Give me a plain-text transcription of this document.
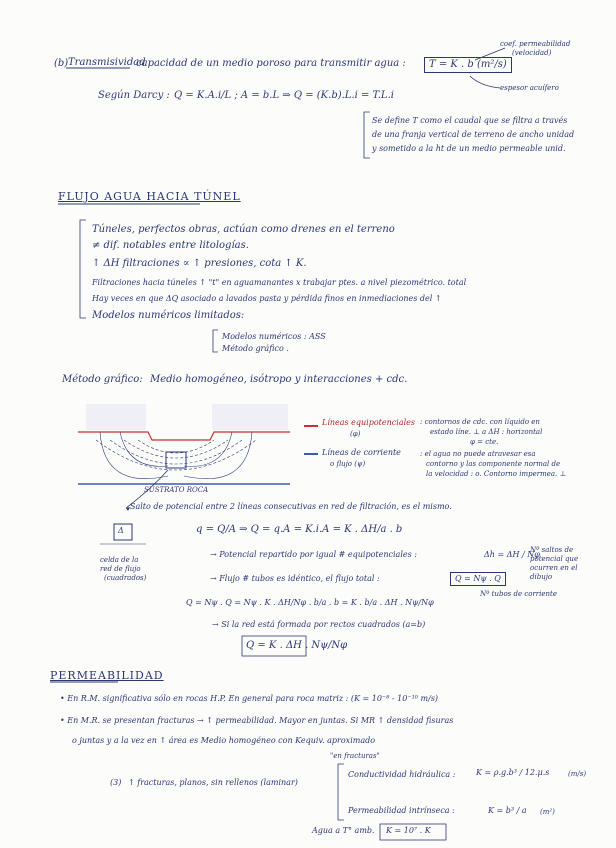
(b) Transmisividad
capacidad de un medio poroso para transmitir agua :	T = K . b (m²/s)
coef. permeabilidad
(velocidad)
espesor acuífero
Según Darcy : Q = K.A.i/L ; A = b.L ⇒ Q = (K.b).L.i = T.L.i
Se define T como el caudal que se filtra a través
de una franja vertical de terreno de ancho unidad
y sometido a la ht de un medio permeable unid.
FLUJO AGUA HACIA TÚNEL
Túneles, perfectos obras, actúan como drenes en el terreno
≠ dif. notables entre litologías.
↑ ΔH filtraciones ∝ ↑ presiones, cota ↑ K.
Filtraciones hacia túneles ↑ "t" en aguamanantes x trabajar ptes. a nivel piezométrico. total
Hay veces en que ΔQ asociado a lavados pasta y pérdida finos en inmediaciones del ↑
Modelos numéricos limitados:
Modelos numéricos : ASS
Método gráfico .
Método gráfico: Medio homogéneo, isótropo y interacciones + cdc.
SUSTRATO ROCA
Líneas equipotenciales
(φ)
: contornos de cdc. con líquido en
estado líne. ⊥ a ΔH : horizontal
φ = cte.
Líneas de corriente
o flujo (ψ)
: el agua no puede atravesar esa
contorno y las componente normal de
la velocidad : o. Contorno impermea. ⊥
Salto de potencial entre 2 líneas consecutivas en red de filtración, es el mismo.
Δ
celda de la
red de flujo
(cuadrados)
q = Q/A ⇒ Q = q.A = K.i.A = K . ΔH/a . b
→ Potencial repartido por igual # equipotenciales :	Δh = ΔH / Nφ
Nº saltos de potencial que ocurren en el dibujo
→ Flujo # tubos es idéntico, el flujo total :	Q = Nψ . Q
Nº tubos de corriente
Q = Nψ . Q = Nψ . K . ΔH/Nφ . b/a . b = K . b/a . ΔH . Nψ/Nφ
→ Si la red está formada por rectos cuadrados (a=b)
Q = K . ΔH . Nψ/Nφ
PERMEABILIDAD
• En R.M. significativa sólo en rocas H.P. En general para roca matriz : (K = 10⁻⁸ - 10⁻¹⁰ m/s)
• En M.R. se presentan fracturas → ↑ permeabilidad. Mayor en juntas. Si MR ↑ densidad fisuras
o juntas y a la vez en ↑ área es Medio homogéneo con Kequiv. aproximado
"en fracturas"
(3) ↑ fracturas, planos, sin rellenos (laminar)
Conductividad hidráulica :	K = ρ.g.b³ / 12.μ.s	(m/s)
Permeabilidad intrínseca :	K = b³ / a (m²)
Agua a T° amb. K = 10⁷ . K
